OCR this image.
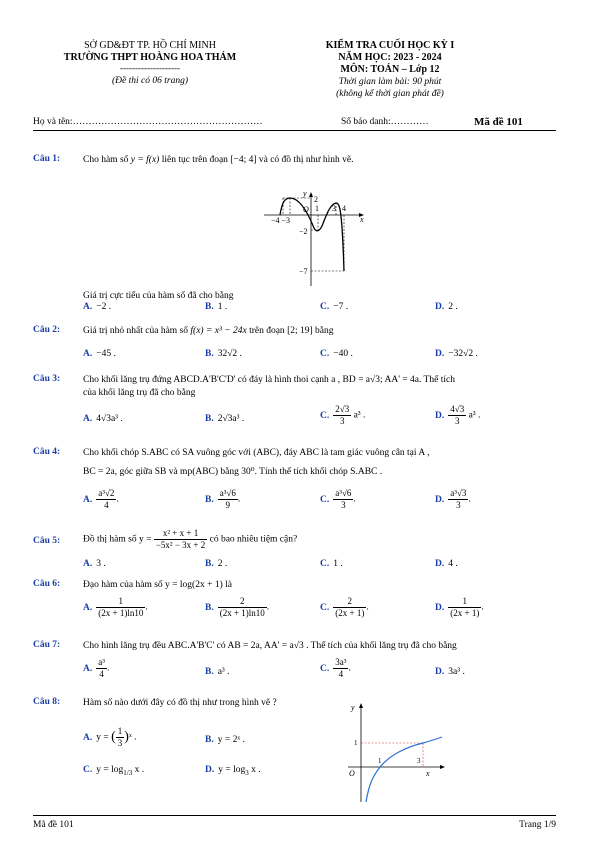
SỞ GD&ĐT TP. HỒ CHÍ MINH
TRƯỜNG THPT HOÀNG HOA THÁM
--------------------
(Đề thi có 06 trang)
KIỂM TRA CUỐI HỌC KỲ I
NĂM HỌC: 2023 - 2024
MÔN: TOÁN – Lớp 12
Thời gian làm bài: 90 phút
(không kể thời gian phát đề)
Họ và tên:……………………………………………………	Số báo danh:…………	Mã đề 101
Câu 1: Cho hàm số y = f(x) liên tục trên đoạn [−4; 4] và có đồ thị như hình vẽ.
y
x
2
O 1 3 4
−4 −3
−2
−7
Giá trị cực tiểu của hàm số đã cho bằng
A. −2 .	B. 1 .	C. −7 .	D. 2 .
Câu 2: Giá trị nhỏ nhất của hàm số f(x) = x³ − 24x trên đoạn [2; 19] bằng
A. −45 .	B. 32√2 .	C. −40 .	D. −32√2 .
Câu 3: Cho khối lăng trụ đứng ABCD.A'B'C'D' có đáy là hình thoi cạnh a , BD = a√3; AA' = 4a. Thể tích
của khối lăng trụ đã cho bằng
A. 4√3a³ .	B. 2√3a³ .	C. $\frac{2√3}{3} a^3$ .	D. $\frac{4√3}{3} a^3$ .
Câu 4: Cho khối chóp S.ABC có SA vuông góc với (ABC), đáy ABC là tam giác vuông cân tại A ,
BC = 2a, góc giữa SB và mp(ABC) bằng 30⁰. Tính thể tích khối chóp S.ABC .
A. $\frac{\text{a³√2}}{4}$ .	B. $\frac{\text{a³√6}}{9}$ .	C. $\frac{\text{a³√6}}{3}$ .	D. $\frac{\text{a³√3}}{3}$ .
Câu 5: Đồ thị hàm số $y = \frac{\text{x² + x + 1}}{\text{−5x² − 3x + 2}}$ có bao nhiêu tiệm cận?
A. 3 .	B. 2 .	C. 1 .	D. 4 .
Câu 6: Đạo hàm của hàm số y = log(2x + 1) là
A. $\frac{1}{(2x + 1)\ln 10}$ .	B. $\frac{2}{(2x + 1)\ln 10}$ .	C. $\frac{2}{(2x + 1)}$ .	D. $\frac{1}{(2x + 1)}$ .
Câu 7: Cho hình lăng trụ đều ABC.A'B'C' có AB = 2a, AA' = a√3 . Thể tích của khối lăng trụ đã cho bằng
A. $\frac{\text{a³}}{4}$ .	B. a³ .	C. $\frac{\text{3a³}}{4}$ .	D. 3a³ .
Câu 8: Hàm số nào dưới đây có đồ thị như trong hình vẽ ?
A. y = ( $\frac{1}{3}$ )ˣ .	B. y = 2ˣ .
C. $y = \log_{1/3} x$ .	D. $y = \log_3 x$ .
y
x
O
1
1	3
Mã đề 101	Trang 1/9
